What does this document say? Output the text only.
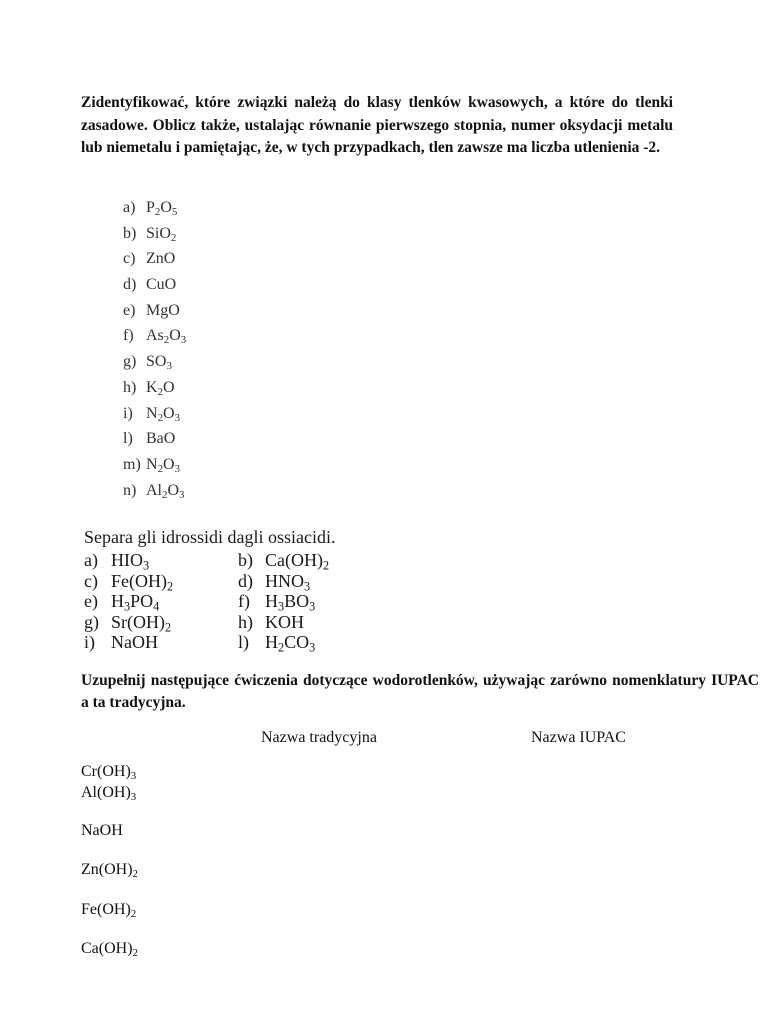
Zidentyfikować, które związki należą do klasy tlenków kwasowych, a które do tlenki zasadowe. Oblicz także, ustalając równanie pierwszego stopnia, numer oksydacji metalu lub niemetalu i pamiętając, że, w tych przypadkach, tlen zawsze ma liczba utlenienia -2.

a) $P_2O_5$
b) SiO$_2$
c) ZnO
d) CuO
e) MgO
f) $As_2O_3$
g) $SO_3$
h) $K_2O$
i) $N_2O_3$
l) BaO
m) $N_2O_3$
n) $Al_2O_3$
Separa gli idrossidi dagli ossiacidi.
a) $HIO_3$	b) $Ca(OH)_2$
c) $Fe(OH)_2$	d) $HNO_3$
e) $H_3PO_4$	f) $H_3BO_3$
g) $Sr(OH)_2$	h) KOH
i) NaOH	l) $H_2CO_3$

Uzupełnij następujące ćwiczenia dotyczące wodorotlenków, używając zarówno nomenklatury IUPAC a ta tradycyjna.

Nazwa tradycyjna	Nazwa IUPAC
$Cr(OH)_3$
$Al(OH)_3$
NaOH
$Zn(OH)_2$
$Fe(OH)_2$
$Ca(OH)_2$
